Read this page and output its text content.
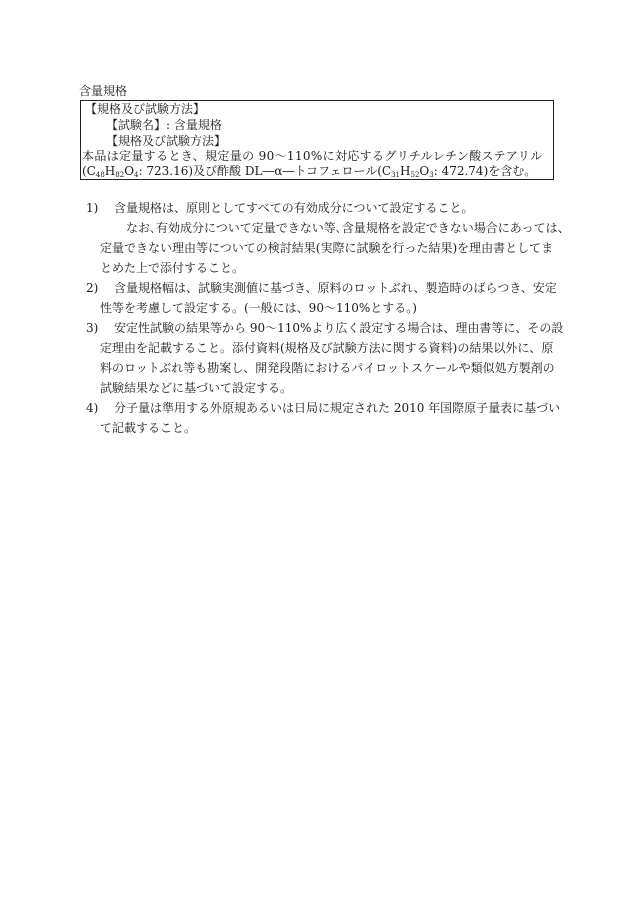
含量規格
【規格及び試験方法】
【試験名】: 含量規格
【規格及び試験方法】
本品は定量するとき、規定量の 90～110%に対応するグリチルレチン酸ステアリル
($C_{48}H_{82}O_4$: 723.16)及び酢酸 DL―α―トコフェロール($C_{31}H_{52}O_3$: 472.74)を含む。
1)	含量規格は、原則としてすべての有効成分について設定すること。
　なお､有効成分について定量できない等､含量規格を設定できない場合にあっては、
定量できない理由等についての検討結果(実際に試験を行った結果)を理由書としてま
とめた上で添付すること。
2)	含量規格幅は、試験実測値に基づき、原料のロットぶれ、製造時のばらつき、安定
性等を考慮して設定する。(一般には、90～110%とする。)
3)	安定性試験の結果等から 90～110%より広く設定する場合は、理由書等に、その設
定理由を記載すること。添付資料(規格及び試験方法に関する資料)の結果以外に、原
料のロットぶれ等も勘案し、開発段階におけるパイロットスケールや類似処方製剤の
試験結果などに基づいて設定する。
4)	分子量は準用する外原規あるいは日局に規定された 2010 年国際原子量表に基づい
て記載すること。
